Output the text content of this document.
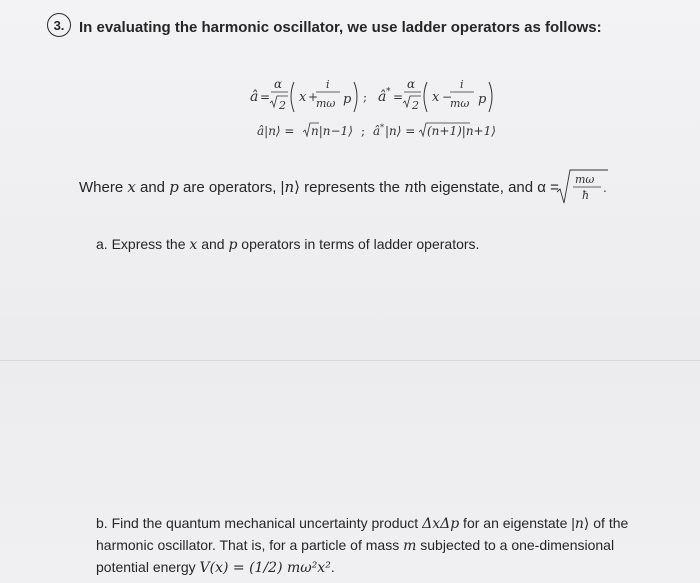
3. In evaluating the harmonic oscillator, we use ladder operators as follows:
â =
α
2
x +
i
mω p ; â * =
α
2
x −
i
mω p
â|n⟩ = n|n−1⟩ ; â * |n⟩ = (n+1)|n+1⟩
Where x and p are operators, |n⟩ represents the nth eigenstate, and α = mω
ħ
.
a. Express the x and p operators in terms of ladder operators.
b. Find the quantum mechanical uncertainty product ΔxΔp for an eigenstate |n⟩ of the harmonic oscillator. That is, for a particle of mass m subjected to a one-dimensional potential energy V(x) = (1/2) mω²x².
